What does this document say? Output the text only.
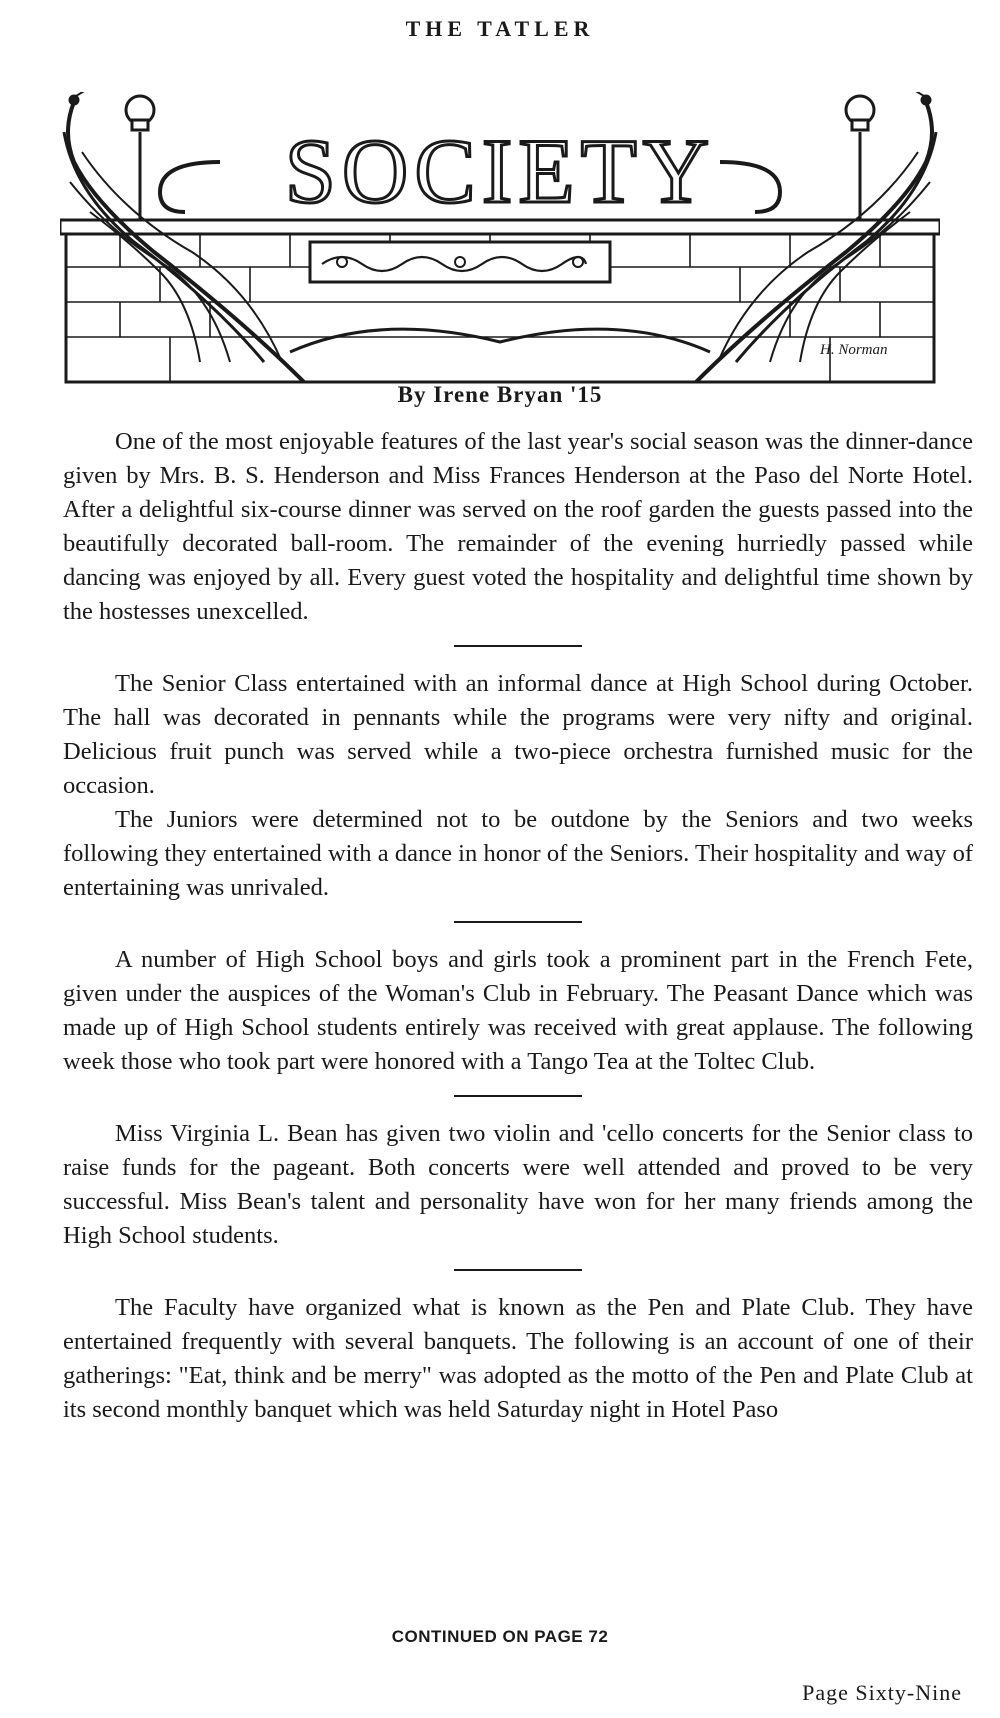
THE TATLER
SOCIETY
H. Norman
By Irene Bryan '15

One of the most enjoyable features of the last year's social season was the dinner-dance given by Mrs. B. S. Henderson and Miss Frances Henderson at the Paso del Norte Hotel. After a delightful six-course dinner was served on the roof garden the guests passed into the beautifully decorated ball-room. The remainder of the evening hurriedly passed while dancing was enjoyed by all. Every guest voted the hospitality and delightful time shown by the hostesses unexcelled.

The Senior Class entertained with an informal dance at High School during October. The hall was decorated in pennants while the programs were very nifty and original. Delicious fruit punch was served while a two-piece orchestra furnished music for the occasion.

The Juniors were determined not to be outdone by the Seniors and two weeks following they entertained with a dance in honor of the Seniors. Their hospitality and way of entertaining was unrivaled.

A number of High School boys and girls took a prominent part in the French Fete, given under the auspices of the Woman's Club in February. The Peasant Dance which was made up of High School students entirely was received with great applause. The following week those who took part were honored with a Tango Tea at the Toltec Club.

Miss Virginia L. Bean has given two violin and 'cello concerts for the Senior class to raise funds for the pageant. Both concerts were well attended and proved to be very successful. Miss Bean's talent and personality have won for her many friends among the High School students.

The Faculty have organized what is known as the Pen and Plate Club. They have entertained frequently with several banquets. The following is an account of one of their gatherings: "Eat, think and be merry" was adopted as the motto of the Pen and Plate Club at its second monthly banquet which was held Saturday night in Hotel Paso

CONTINUED ON PAGE 72
Page Sixty-Nine
